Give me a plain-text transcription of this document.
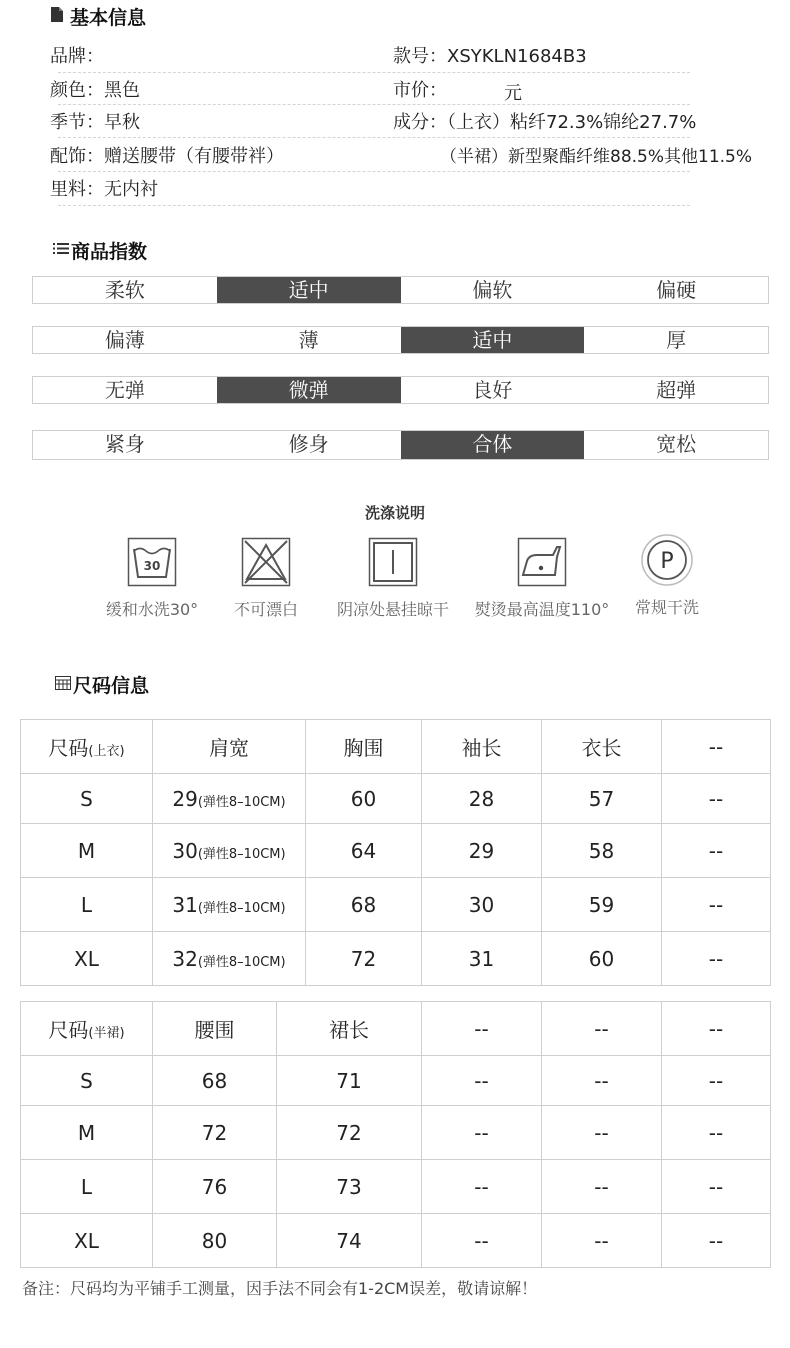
基本信息
品牌：	款号：XSYKLN1684B3
颜色：黑色	市价：	元
季节：早秋	成分：（上衣）粘纤72.3%锦纶27.7%
配饰：赠送腰带（有腰带袢）	（半裙）新型聚酯纤维88.5%其他11.5%
里料：无内衬
商品指数
柔软	适中	偏软	偏硬
偏薄	薄	适中	厚
无弹	微弹	良好	超弹
紧身	修身	合体	宽松
洗涤说明
30
缓和水洗30°	不可漂白	阴凉处悬挂晾干	熨烫最高温度110°
P
常规干洗
尺码信息
尺码(上衣)	肩宽	胸围	袖长	衣长	--
S	29(弹性8–10CM)	60	28	57	--
M	30(弹性8–10CM)	64	29	58	--
L	31(弹性8–10CM)	68	30	59	--
XL	32(弹性8–10CM)	72	31	60	--
尺码(半裙)	腰围	裙长	--	--	--
S	68	71	--	--	--
M	72	72	--	--	--
L	76	73	--	--	--
XL	80	74	--	--	--
备注：尺码均为平铺手工测量，因手法不同会有1-2CM误差，敬请谅解！
